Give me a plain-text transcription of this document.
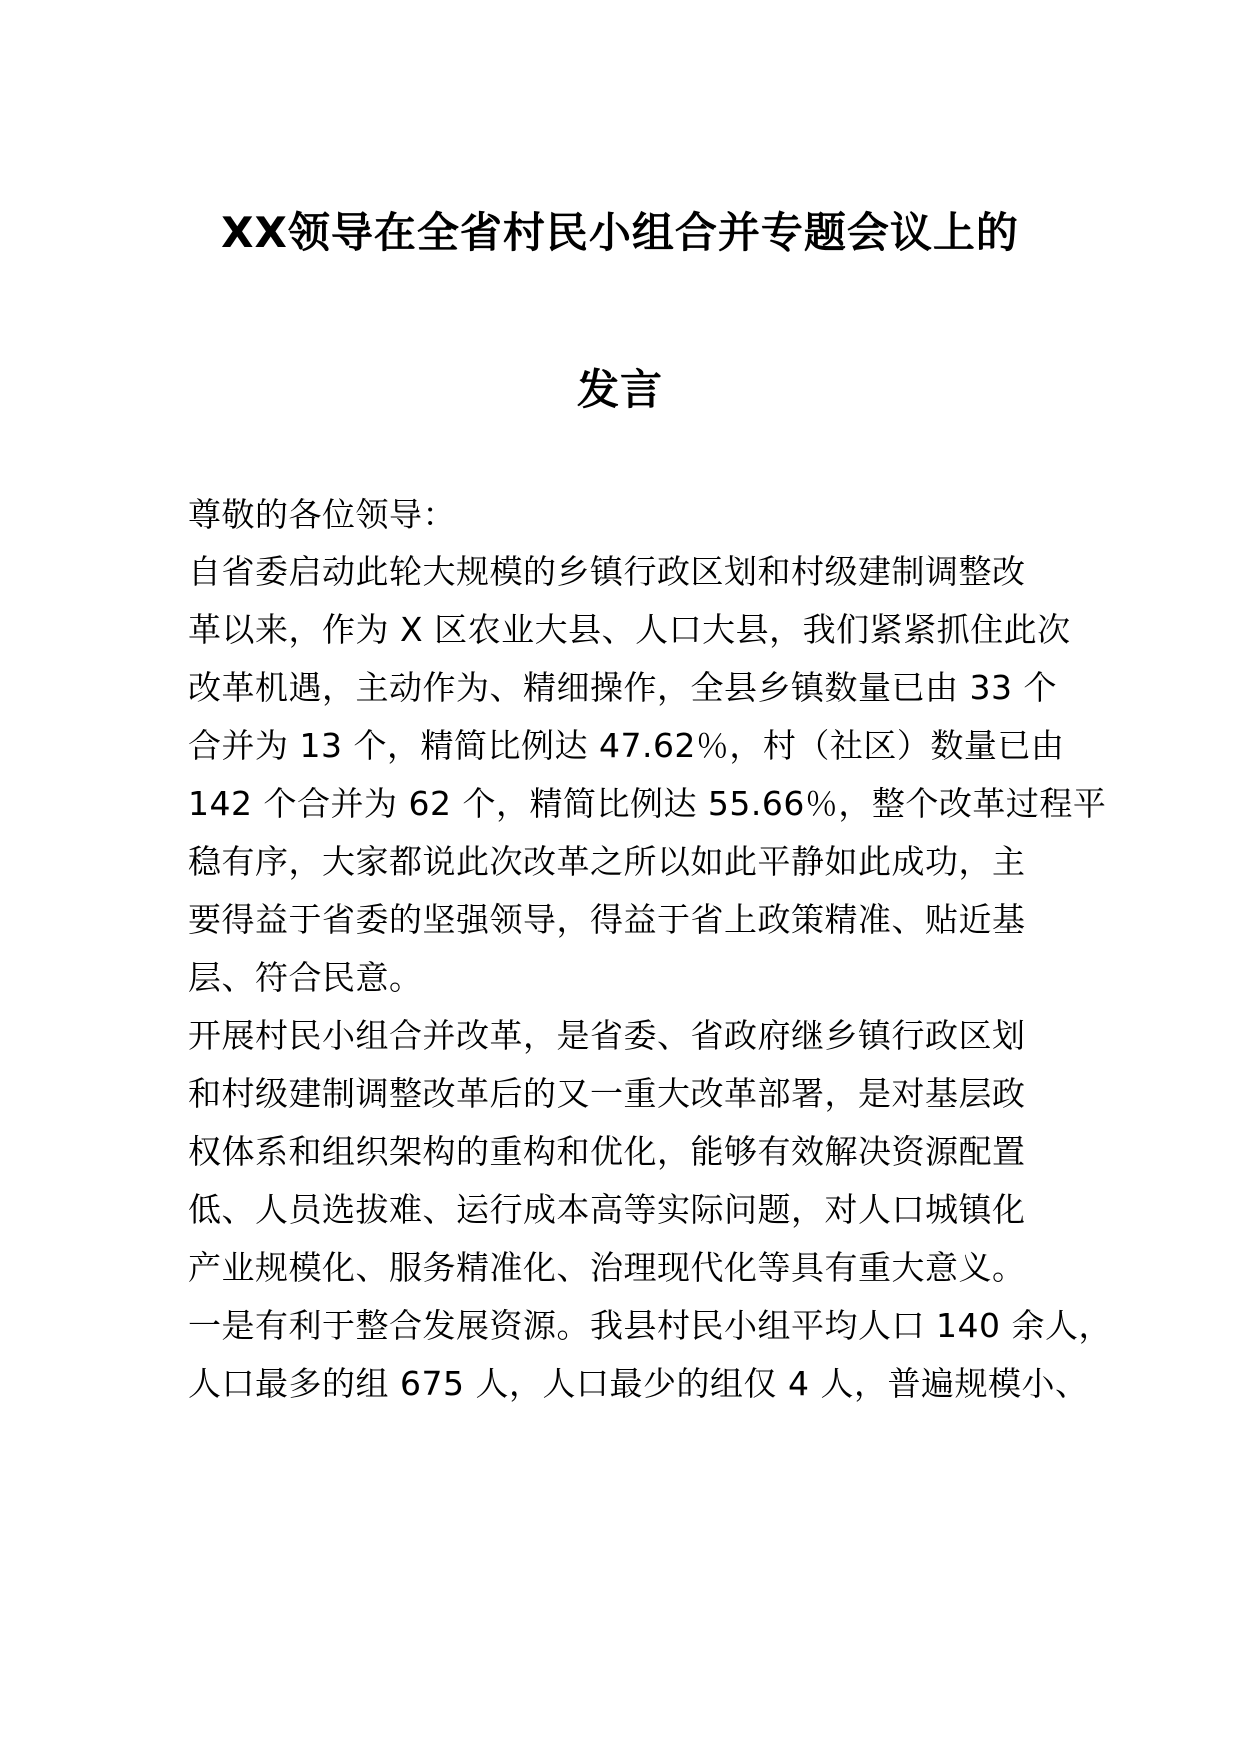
XX领导在全省村民小组合并专题会议上的
发言
尊敬的各位领导：
自省委启动此轮大规模的乡镇行政区划和村级建制调整改
革以来，作为 X 区农业大县、人口大县，我们紧紧抓住此次
改革机遇，主动作为、精细操作，全县乡镇数量已由 33 个
合并为 13 个，精简比例达 47.62％，村（社区）数量已由
142 个合并为 62 个，精简比例达 55.66％，整个改革过程平
稳有序，大家都说此次改革之所以如此平静如此成功，主
要得益于省委的坚强领导，得益于省上政策精准、贴近基
层、符合民意。
开展村民小组合并改革，是省委、省政府继乡镇行政区划
和村级建制调整改革后的又一重大改革部署，是对基层政
权体系和组织架构的重构和优化，能够有效解决资源配置
低、人员选拔难、运行成本高等实际问题，对人口城镇化
产业规模化、服务精准化、治理现代化等具有重大意义。
一是有利于整合发展资源。我县村民小组平均人口 140 余人，
人口最多的组 675 人，人口最少的组仅 4 人，普遍规模小、
